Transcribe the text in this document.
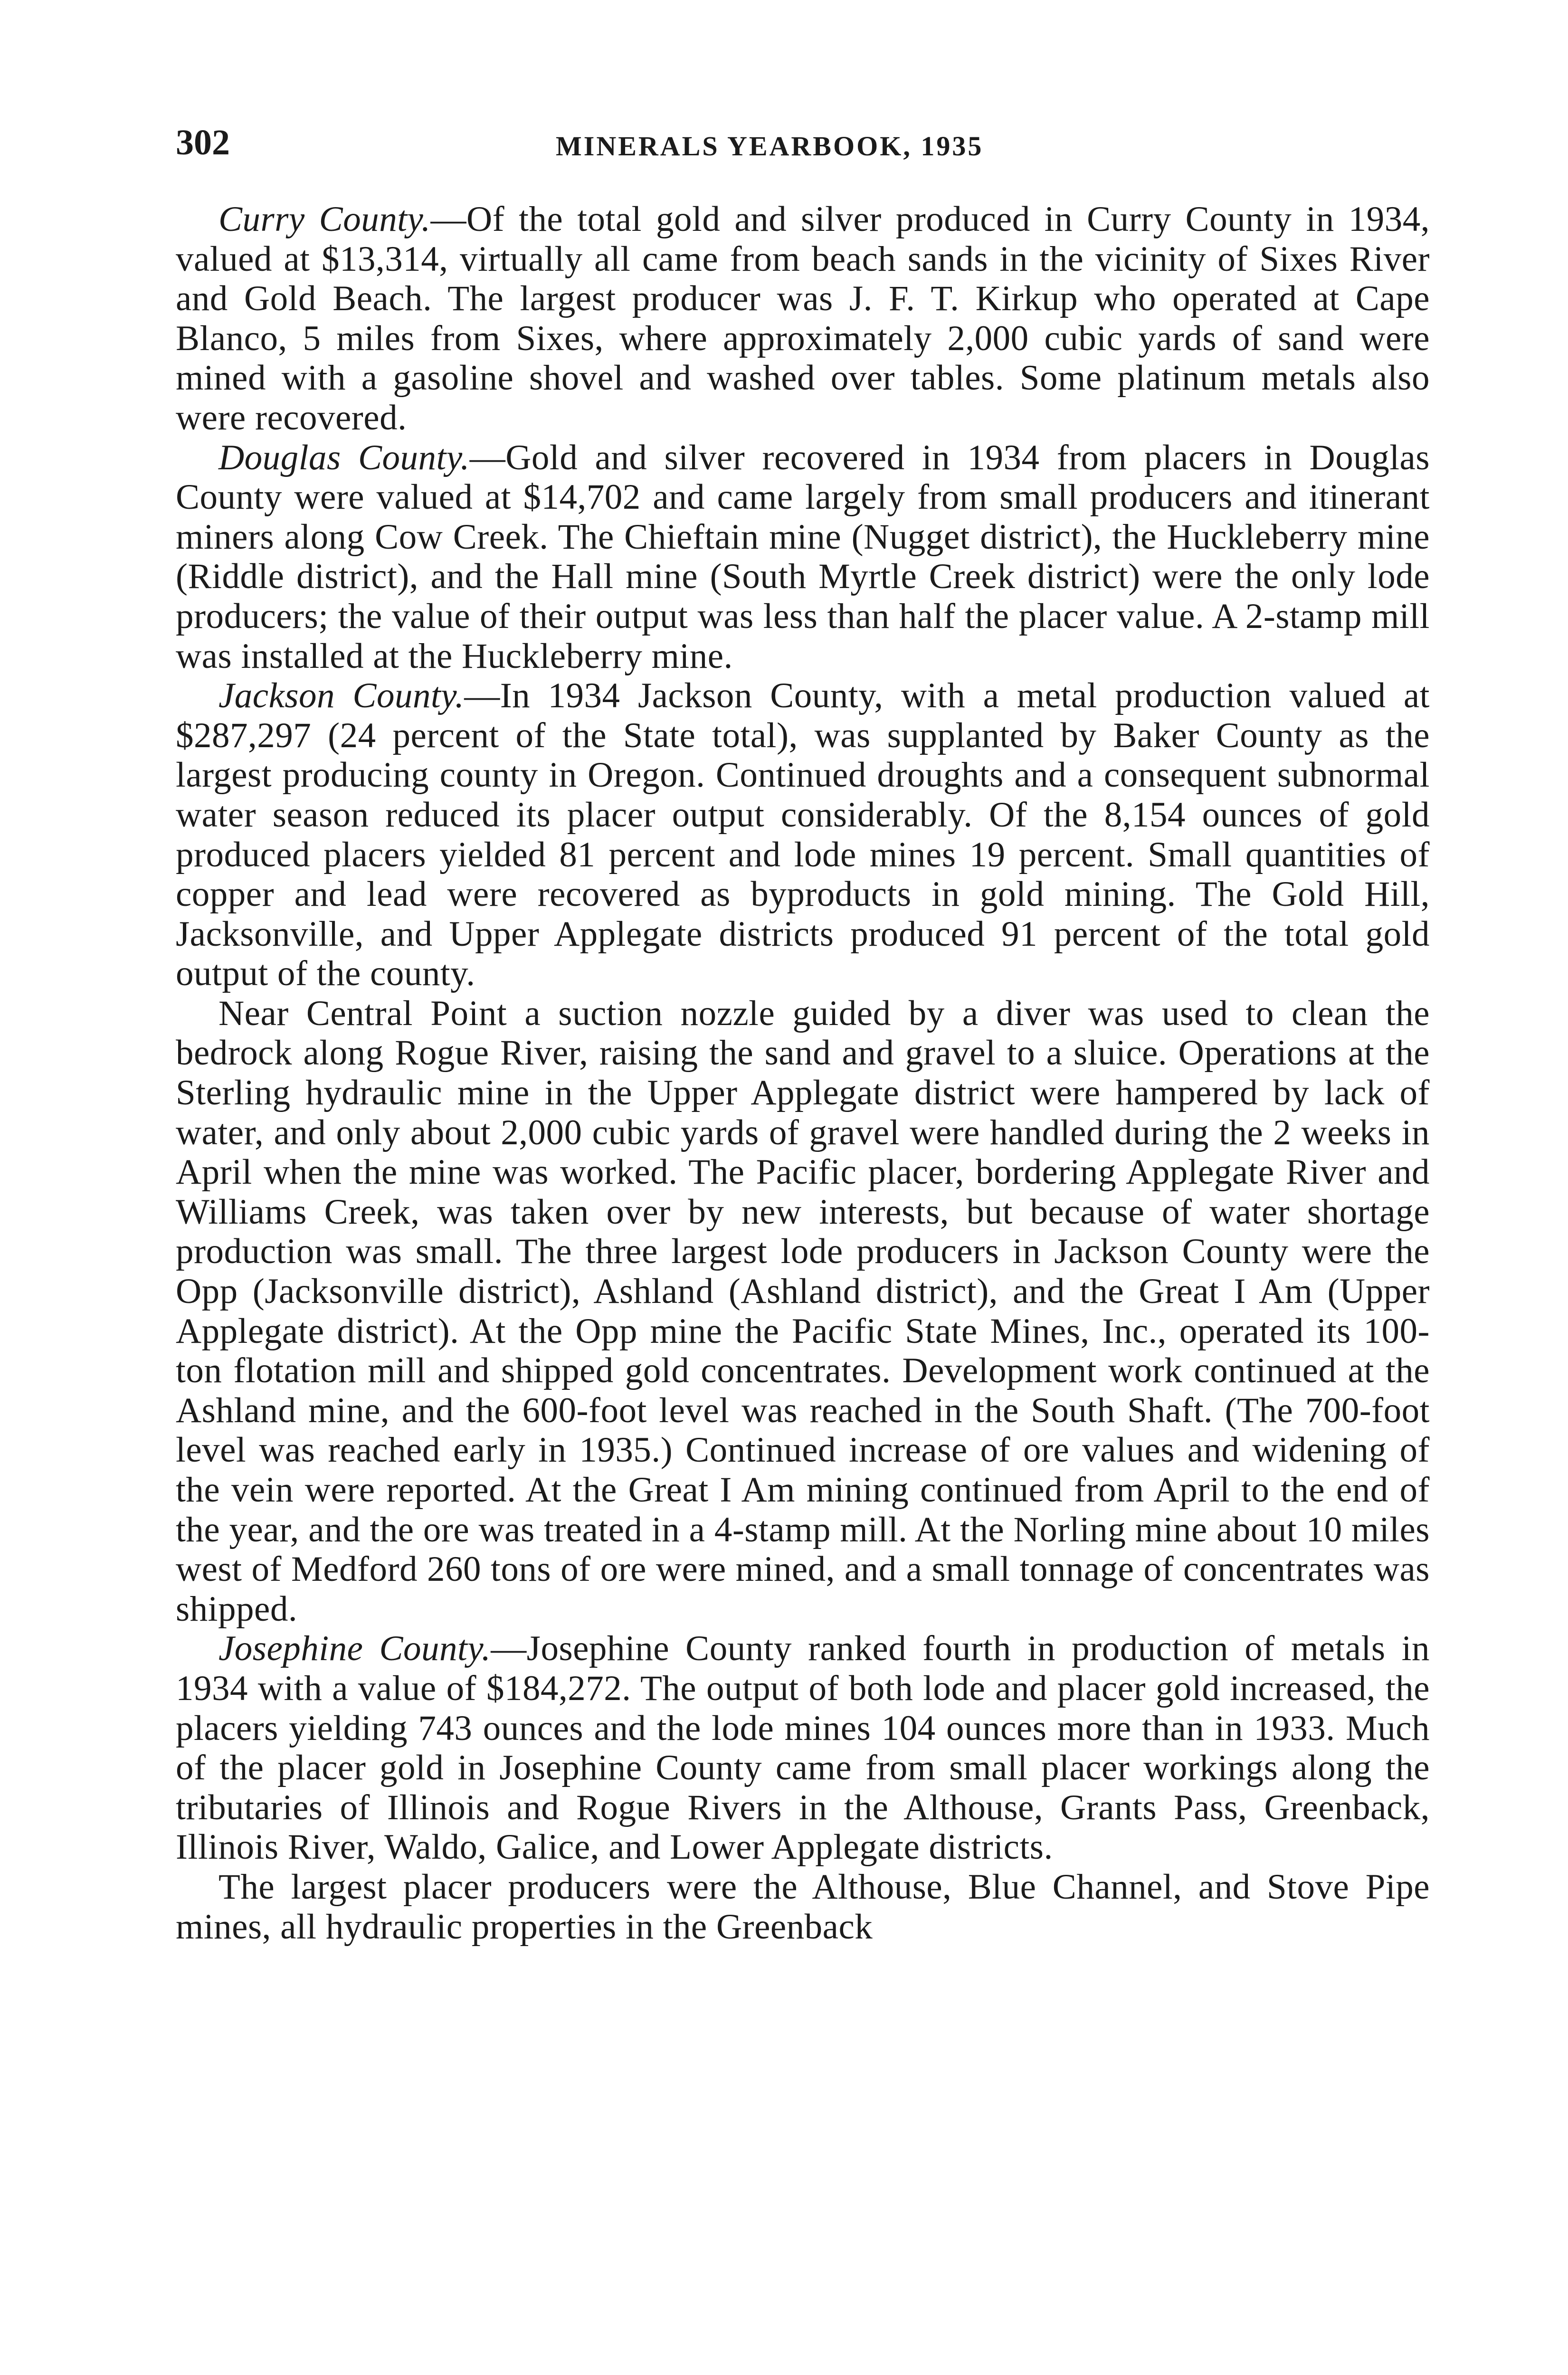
302	MINERALS YEARBOOK, 1935

Curry County.—Of the total gold and silver produced in Curry County in 1934, valued at $13,314, virtually all came from beach sands in the vicinity of Sixes River and Gold Beach. The largest producer was J. F. T. Kirkup who operated at Cape Blanco, 5 miles from Sixes, where approximately 2,000 cubic yards of sand were mined with a gasoline shovel and washed over tables. Some platinum metals also were recovered.

Douglas County.—Gold and silver recovered in 1934 from placers in Douglas County were valued at $14,702 and came largely from small producers and itinerant miners along Cow Creek. The Chieftain mine (Nugget district), the Huckleberry mine (Riddle district), and the Hall mine (South Myrtle Creek district) were the only lode producers; the value of their output was less than half the placer value. A 2-stamp mill was installed at the Huckleberry mine.

Jackson County.—In 1934 Jackson County, with a metal production valued at $287,297 (24 percent of the State total), was supplanted by Baker County as the largest producing county in Oregon. Continued droughts and a consequent subnormal water season reduced its placer output considerably. Of the 8,154 ounces of gold produced placers yielded 81 percent and lode mines 19 percent. Small quantities of copper and lead were recovered as byproducts in gold mining. The Gold Hill, Jacksonville, and Upper Applegate districts produced 91 percent of the total gold output of the county.

Near Central Point a suction nozzle guided by a diver was used to clean the bedrock along Rogue River, raising the sand and gravel to a sluice. Operations at the Sterling hydraulic mine in the Upper Applegate district were hampered by lack of water, and only about 2,000 cubic yards of gravel were handled during the 2 weeks in April when the mine was worked. The Pacific placer, bordering Applegate River and Williams Creek, was taken over by new interests, but because of water shortage production was small. The three largest lode producers in Jackson County were the Opp (Jacksonville district), Ashland (Ashland district), and the Great I Am (Upper Applegate district). At the Opp mine the Pacific State Mines, Inc., operated its 100-ton flotation mill and shipped gold concentrates. Development work continued at the Ashland mine, and the 600-foot level was reached in the South Shaft. (The 700-foot level was reached early in 1935.) Continued increase of ore values and widening of the vein were reported. At the Great I Am mining continued from April to the end of the year, and the ore was treated in a 4-stamp mill. At the Norling mine about 10 miles west of Medford 260 tons of ore were mined, and a small tonnage of concentrates was shipped.

Josephine County.—Josephine County ranked fourth in production of metals in 1934 with a value of $184,272. The output of both lode and placer gold increased, the placers yielding 743 ounces and the lode mines 104 ounces more than in 1933. Much of the placer gold in Josephine County came from small placer workings along the tributaries of Illinois and Rogue Rivers in the Althouse, Grants Pass, Greenback, Illinois River, Waldo, Galice, and Lower Applegate districts.

The largest placer producers were the Althouse, Blue Channel, and Stove Pipe mines, all hydraulic properties in the Greenback
